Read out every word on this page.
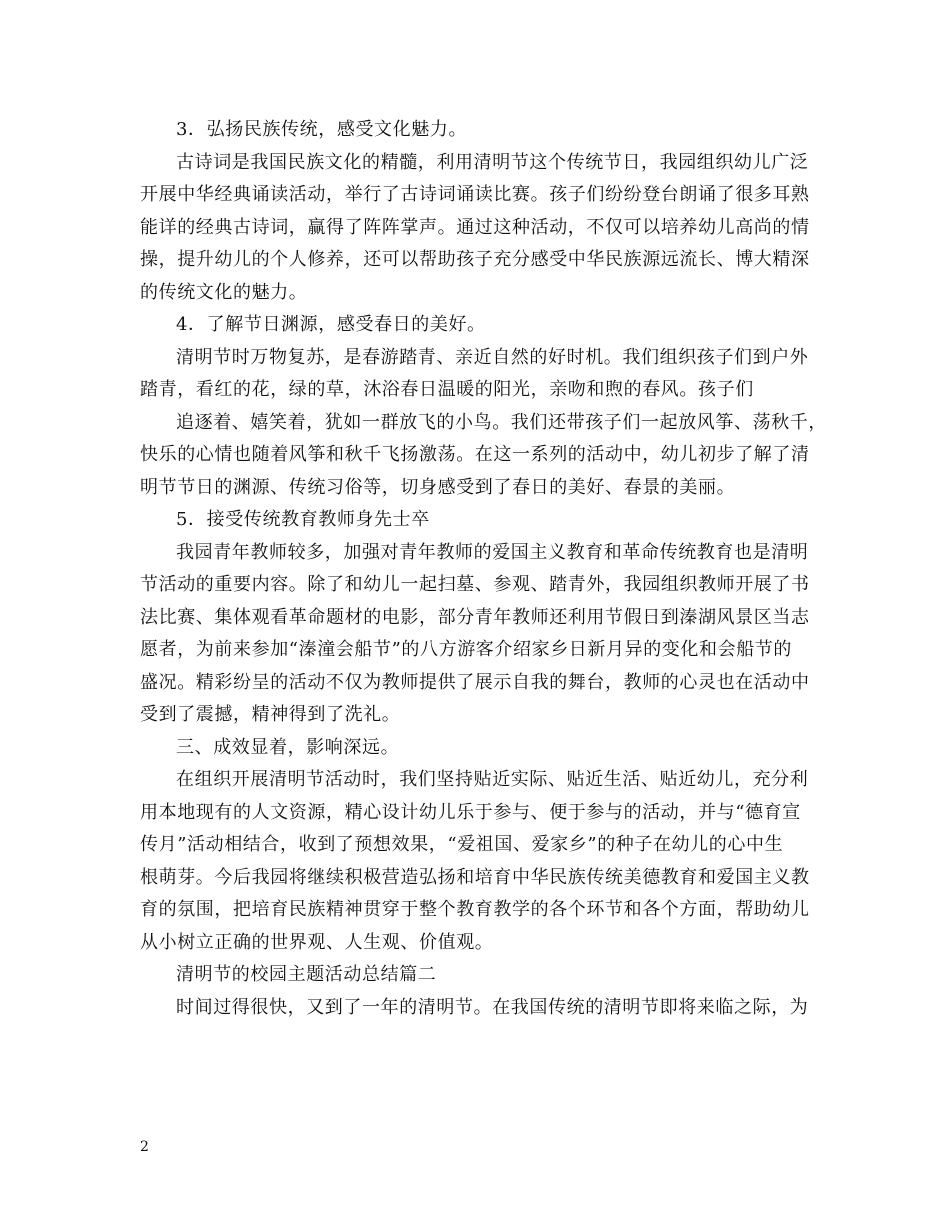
3．弘扬民族传统，感受文化魅力。
古诗词是我国民族文化的精髓，利用清明节这个传统节日，我园组织幼儿广泛
开展中华经典诵读活动，举行了古诗词诵读比赛。孩子们纷纷登台朗诵了很多耳熟
能详的经典古诗词，赢得了阵阵掌声。通过这种活动，不仅可以培养幼儿高尚的情
操，提升幼儿的个人修养，还可以帮助孩子充分感受中华民族源远流长、博大精深
的传统文化的魅力。
4．了解节日渊源，感受春日的美好。
清明节时万物复苏，是春游踏青、亲近自然的好时机。我们组织孩子们到户外
踏青，看红的花，绿的草，沐浴春日温暖的阳光，亲吻和煦的春风。孩子们
追逐着、嬉笑着，犹如一群放飞的小鸟。我们还带孩子们一起放风筝、荡秋千，
快乐的心情也随着风筝和秋千飞扬激荡。在这一系列的活动中，幼儿初步了解了清
明节节日的渊源、传统习俗等，切身感受到了春日的美好、春景的美丽。
5．接受传统教育教师身先士卒
我园青年教师较多，加强对青年教师的爱国主义教育和革命传统教育也是清明
节活动的重要内容。除了和幼儿一起扫墓、参观、踏青外，我园组织教师开展了书
法比赛、集体观看革命题材的电影，部分青年教师还利用节假日到溱湖风景区当志
愿者，为前来参加“溱潼会船节”的八方游客介绍家乡日新月异的变化和会船节的
盛况。精彩纷呈的活动不仅为教师提供了展示自我的舞台，教师的心灵也在活动中
受到了震撼，精神得到了洗礼。
三、成效显着，影响深远。
在组织开展清明节活动时，我们坚持贴近实际、贴近生活、贴近幼儿，充分利
用本地现有的人文资源，精心设计幼儿乐于参与、便于参与的活动，并与“德育宣
传月”活动相结合，收到了预想效果，“爱祖国、爱家乡”的种子在幼儿的心中生
根萌芽。今后我园将继续积极营造弘扬和培育中华民族传统美德教育和爱国主义教
育的氛围，把培育民族精神贯穿于整个教育教学的各个环节和各个方面，帮助幼儿
从小树立正确的世界观、人生观、价值观。
清明节的校园主题活动总结篇二
时间过得很快，又到了一年的清明节。在我国传统的清明节即将来临之际，为
2
